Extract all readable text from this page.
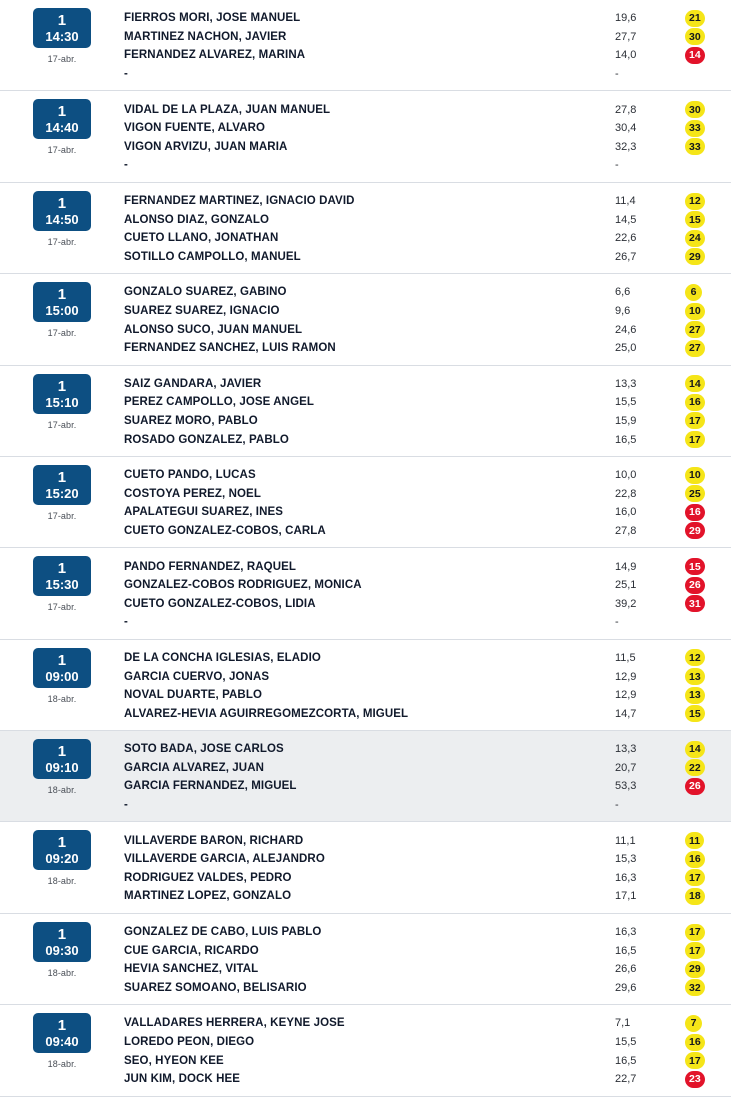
1
14:30
17-abr.
FIERROS MORI, JOSE MANUEL	19,6	21
MARTINEZ NACHON, JAVIER	27,7	30
FERNANDEZ ALVAREZ, MARINA	14,0	14
-	-
1
14:40
17-abr.
VIDAL DE LA PLAZA, JUAN MANUEL	27,8	30
VIGON FUENTE, ALVARO	30,4	33
VIGON ARVIZU, JUAN MARIA	32,3	33
-	-
1
14:50
17-abr.
FERNANDEZ MARTINEZ, IGNACIO DAVID	11,4	12
ALONSO DIAZ, GONZALO	14,5	15
CUETO LLANO, JONATHAN	22,6	24
SOTILLO CAMPOLLO, MANUEL	26,7	29
1
15:00
17-abr.
GONZALO SUAREZ, GABINO	6,6	6
SUAREZ SUAREZ, IGNACIO	9,6	10
ALONSO SUCO, JUAN MANUEL	24,6	27
FERNANDEZ SANCHEZ, LUIS RAMON	25,0	27
1
15:10
17-abr.
SAIZ GANDARA, JAVIER	13,3	14
PEREZ CAMPOLLO, JOSE ANGEL	15,5	16
SUAREZ MORO, PABLO	15,9	17
ROSADO GONZALEZ, PABLO	16,5	17
1
15:20
17-abr.
CUETO PANDO, LUCAS	10,0	10
COSTOYA PEREZ, NOEL	22,8	25
APALATEGUI SUAREZ, INES	16,0	16
CUETO GONZALEZ-COBOS, CARLA	27,8	29
1
15:30
17-abr.
PANDO FERNANDEZ, RAQUEL	14,9	15
GONZALEZ-COBOS RODRIGUEZ, MONICA	25,1	26
CUETO GONZALEZ-COBOS, LIDIA	39,2	31
-	-
1
09:00
18-abr.
DE LA CONCHA IGLESIAS, ELADIO	11,5	12
GARCIA CUERVO, JONAS	12,9	13
NOVAL DUARTE, PABLO	12,9	13
ALVAREZ-HEVIA AGUIRREGOMEZCORTA, MIGUEL	14,7	15
1
09:10
18-abr.
SOTO BADA, JOSE CARLOS	13,3	14
GARCIA ALVAREZ, JUAN	20,7	22
GARCIA FERNANDEZ, MIGUEL	53,3	26
-	-
1
09:20
18-abr.
VILLAVERDE BARON, RICHARD	11,1	11
VILLAVERDE GARCIA, ALEJANDRO	15,3	16
RODRIGUEZ VALDES, PEDRO	16,3	17
MARTINEZ LOPEZ, GONZALO	17,1	18
1
09:30
18-abr.
GONZALEZ DE CABO, LUIS PABLO	16,3	17
CUE GARCIA, RICARDO	16,5	17
HEVIA SANCHEZ, VITAL	26,6	29
SUAREZ SOMOANO, BELISARIO	29,6	32
1
09:40
18-abr.
VALLADARES HERRERA, KEYNE JOSE	7,1	7
LOREDO PEON, DIEGO	15,5	16
SEO, HYEON KEE	16,5	17
JUN KIM, DOCK HEE	22,7	23
